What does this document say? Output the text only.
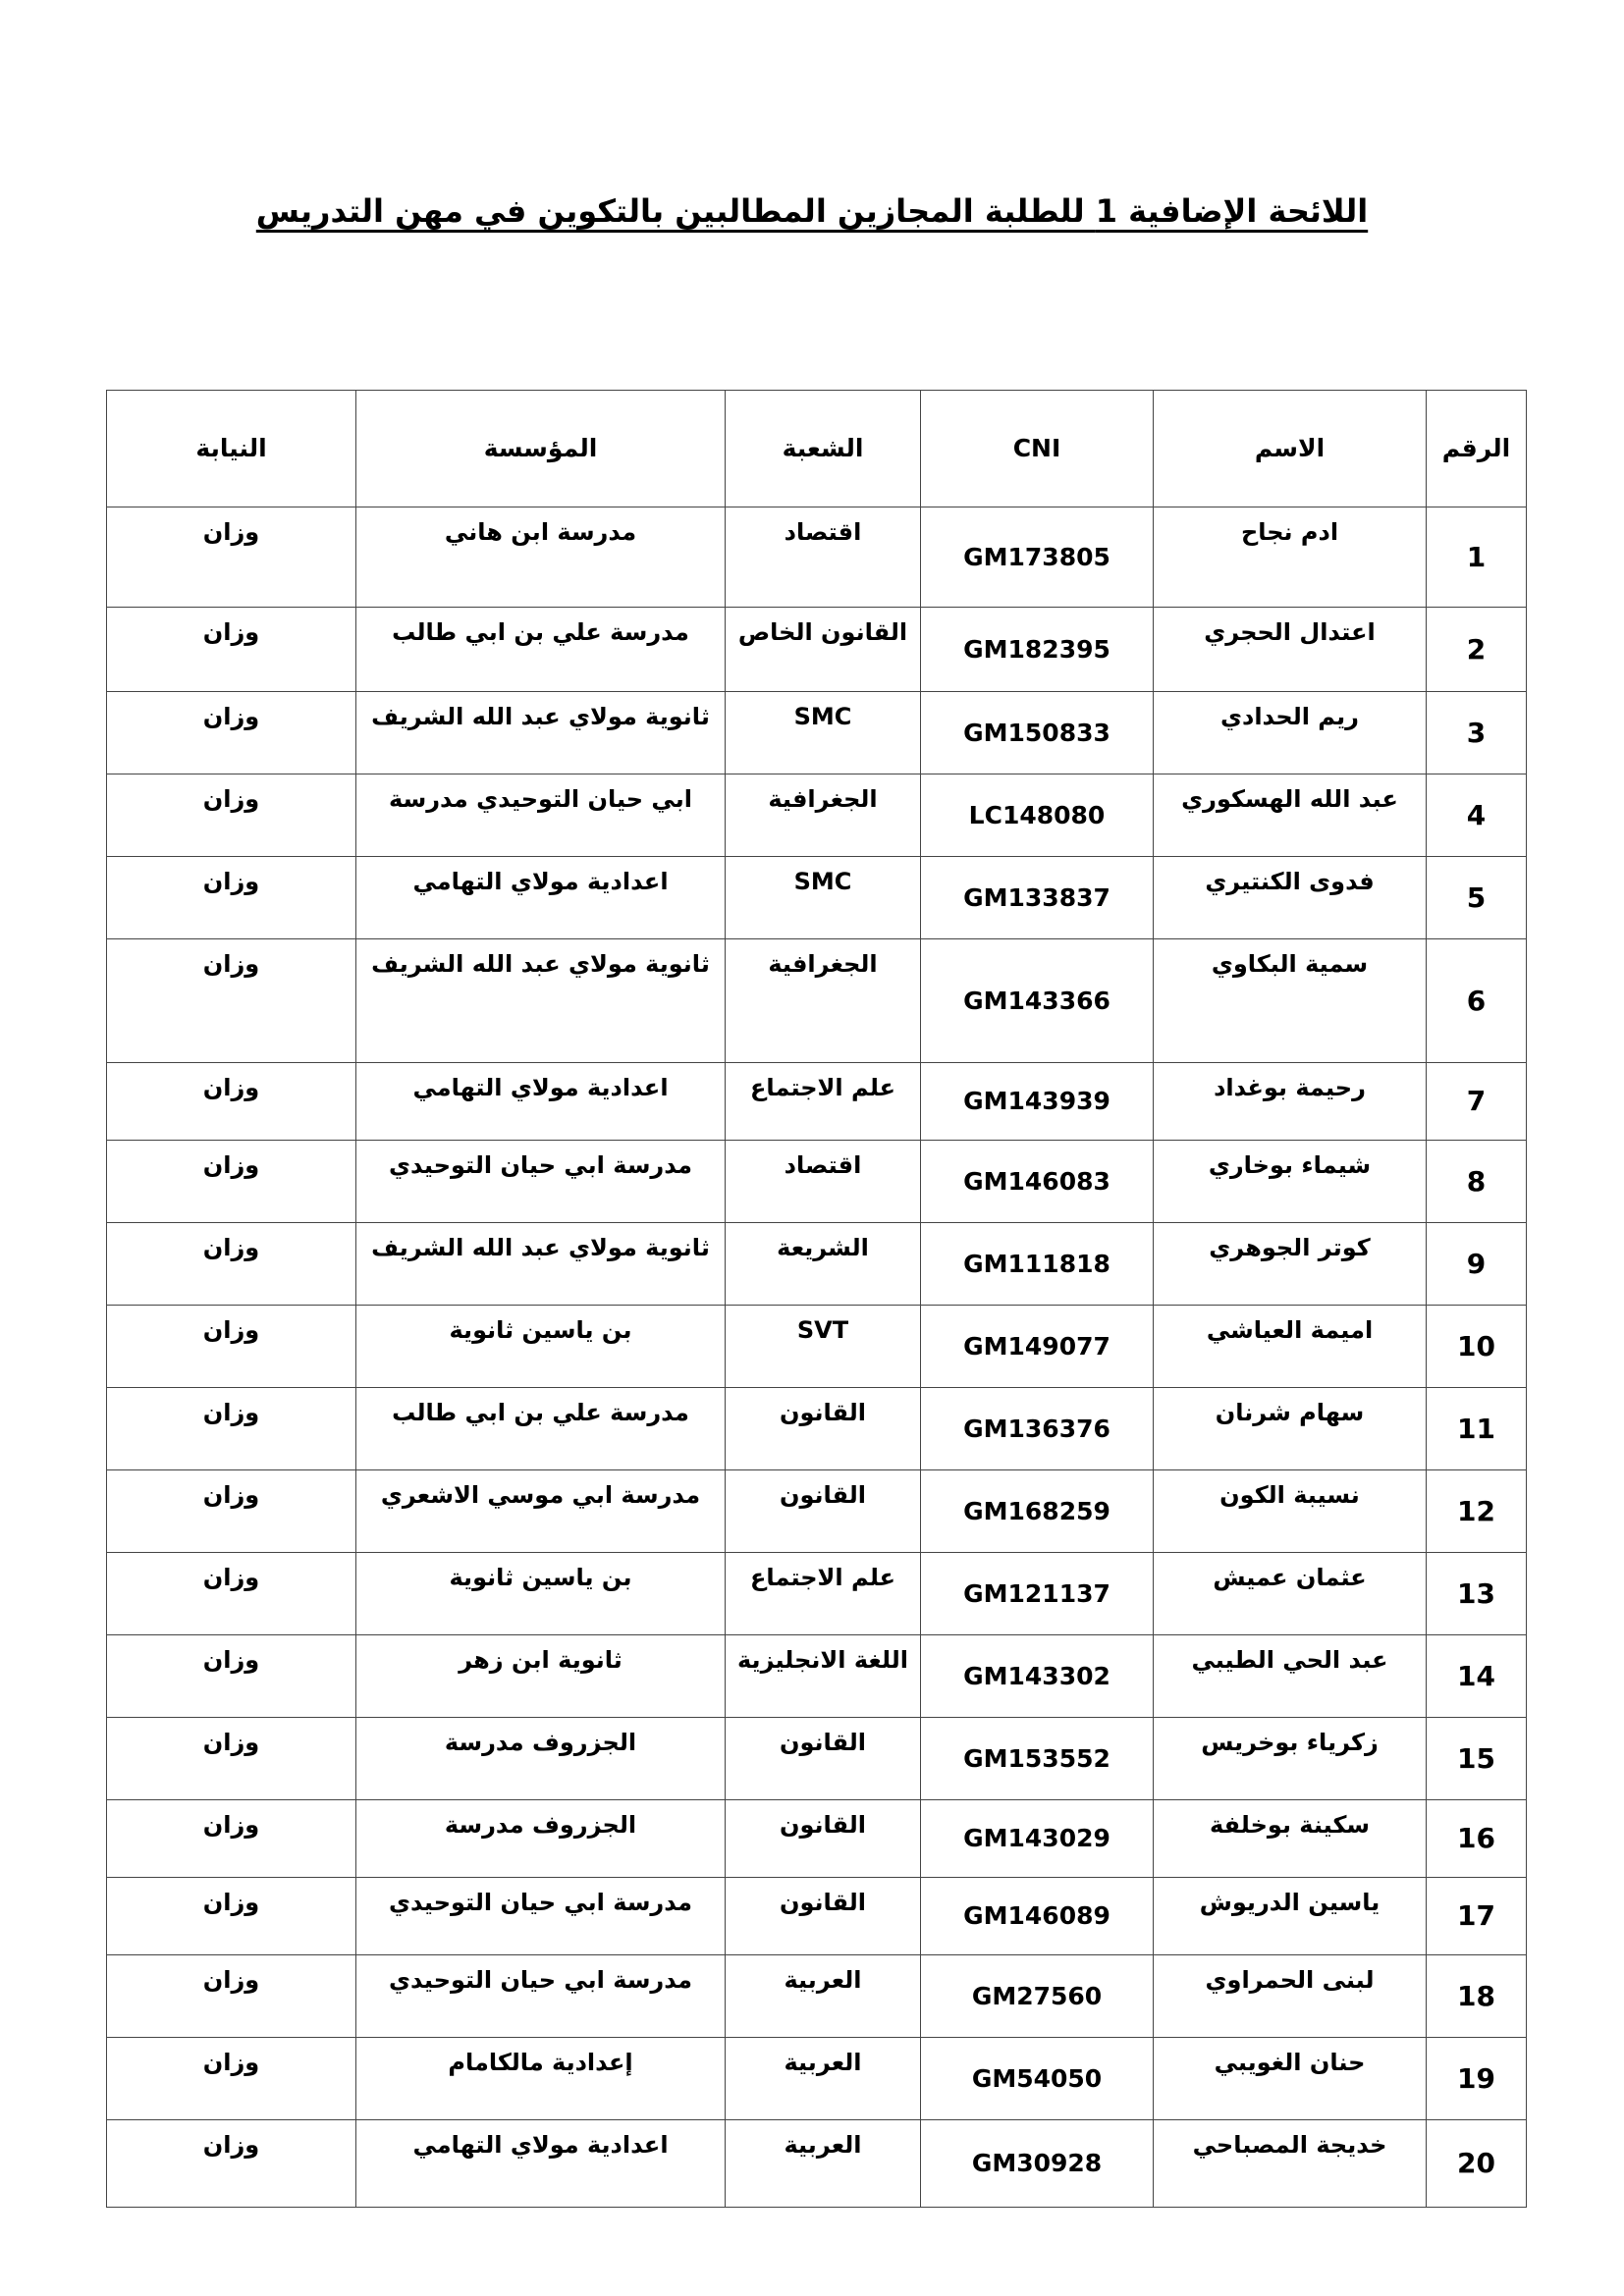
اللائحة الإضافية 1 للطلبة المجازين المطالبين بالتكوين في مهن التدريس
الرقم	الاسم	CNI	الشعبة	المؤسسة	النيابة
1	ادم نجاح	GM173805	اقتصاد	مدرسة ابن هاني	وزان
2	اعتدال الحجري	GM182395	القانون الخاص	مدرسة علي بن ابي طالب	وزان
3	ريم الحدادي	GM150833	SMC	ثانوية مولاي عبد الله الشريف	وزان
4	عبد الله الهسكوري	LC148080	الجغرافية	ابي حيان التوحيدي مدرسة	وزان
5	فدوى الكنتيري	GM133837	SMC	اعدادية مولاي التهامي	وزان
6	سمية البكاوي	GM143366	الجغرافية	ثانوية مولاي عبد الله الشريف	وزان
7	رحيمة بوغداد	GM143939	علم الاجتماع	اعدادية مولاي التهامي	وزان
8	شيماء بوخاري	GM146083	اقتصاد	مدرسة ابي حيان التوحيدي	وزان
9	كوتر الجوهري	GM111818	الشريعة	ثانوية مولاي عبد الله الشريف	وزان
10	اميمة العياشي	GM149077	SVT	بن ياسين ثانوية	وزان
11	سهام شرنان	GM136376	القانون	مدرسة علي بن ابي طالب	وزان
12	نسيبة الكون	GM168259	القانون	مدرسة ابي موسي الاشعري	وزان
13	عثمان عميش	GM121137	علم الاجتماع	بن ياسين ثانوية	وزان
14	عبد الحي الطيبي	GM143302	اللغة الانجليزية	ثانوية ابن زهر	وزان
15	زكرياء بوخريس	GM153552	القانون	الجزروف مدرسة	وزان
16	سكينة بوخلفة	GM143029	القانون	الجزروف مدرسة	وزان
17	ياسين الدريوش	GM146089	القانون	مدرسة ابي حيان التوحيدي	وزان
18	لبنى الحمراوي	GM27560	العربية	مدرسة ابي حيان التوحيدي	وزان
19	حنان الغويبي	GM54050	العربية	إعدادية مالكامام	وزان
20	خديجة المصباحي	GM30928	العربية	اعدادية مولاي التهامي	وزان
